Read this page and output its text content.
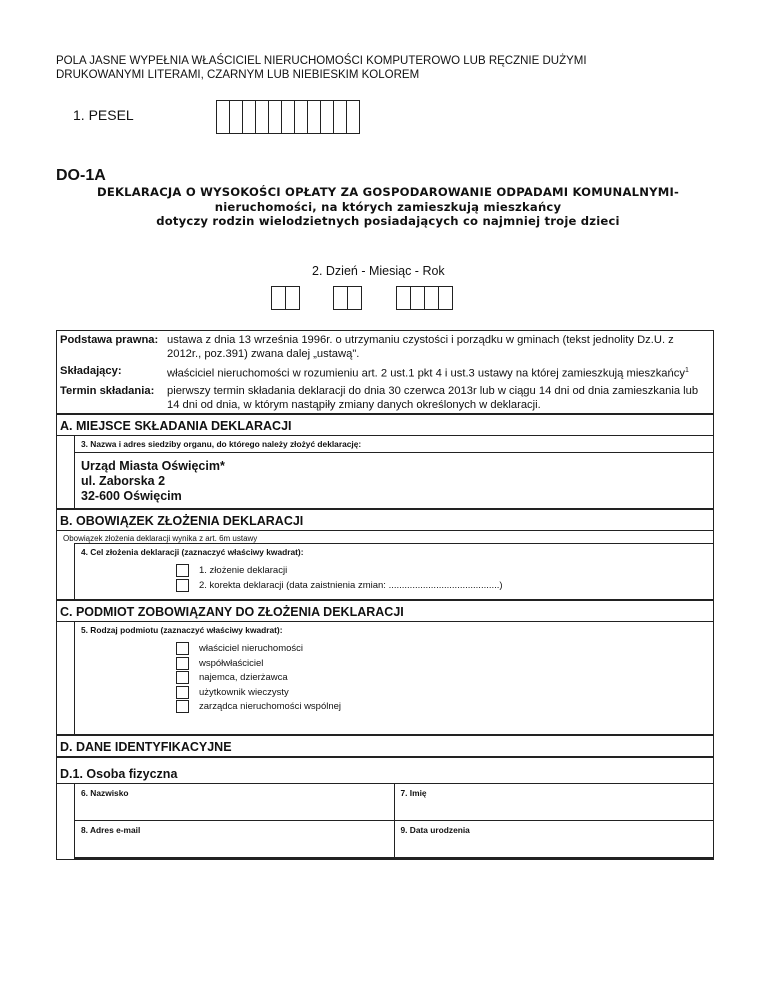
POLA JASNE WYPEŁNIA WŁAŚCICIEL NIERUCHOMOŚCI KOMPUTEROWO LUB RĘCZNIE DUŻYMI
DRUKOWANYMI LITERAMI, CZARNYM LUB NIEBIESKIM KOLOREM
1. PESEL
DO-1A
DEKLARACJA O WYSOKOŚCI OPŁATY ZA GOSPODAROWANIE ODPADAMI KOMUNALNYMI-
nieruchomości, na których zamieszkują mieszkańcy
dotyczy rodzin wielodzietnych posiadających co najmniej troje dzieci
2. Dzień - Miesiąc - Rok
Podstawa prawna: ustawa z dnia 13 września 1996r. o utrzymaniu czystości i porządku w gminach (tekst jednolity Dz.U. z 2012r., poz.391) zwana dalej „ustawą".
Składający:	właściciel nieruchomości w rozumieniu art. 2 ust.1 pkt 4 i ust.3 ustawy na której zamieszkują mieszkańcy$^1$
Termin składania:	pierwszy termin składania deklaracji do dnia 30 czerwca 2013r lub w ciągu 14 dni od dnia zamieszkania lub 14 dni od dnia, w którym nastąpiły zmiany danych określonych w deklaracji.
A. MIEJSCE SKŁADANIA DEKLARACJI
3. Nazwa i adres siedziby organu, do którego należy złożyć deklarację:
Urząd Miasta Oświęcim*
ul. Zaborska 2
32-600 Oświęcim
B. OBOWIĄZEK ZŁOŻENIA DEKLARACJI
Obowiązek złożenia deklaracji wynika z art. 6m ustawy
4. Cel złożenia deklaracji (zaznaczyć właściwy kwadrat):
1. złożenie deklaracji
2. korekta deklaracji (data zaistnienia zmian: ..........................................)
C. PODMIOT ZOBOWIĄZANY DO ZŁOŻENIA DEKLARACJI
5. Rodzaj podmiotu (zaznaczyć właściwy kwadrat):
właściciel nieruchomości
współwłaściciel
najemca, dzierżawca
użytkownik wieczysty
zarządca nieruchomości wspólnej
D. DANE IDENTYFIKACYJNE
D.1. Osoba fizyczna
6. Nazwisko	7. Imię
8. Adres e-mail	9. Data urodzenia
